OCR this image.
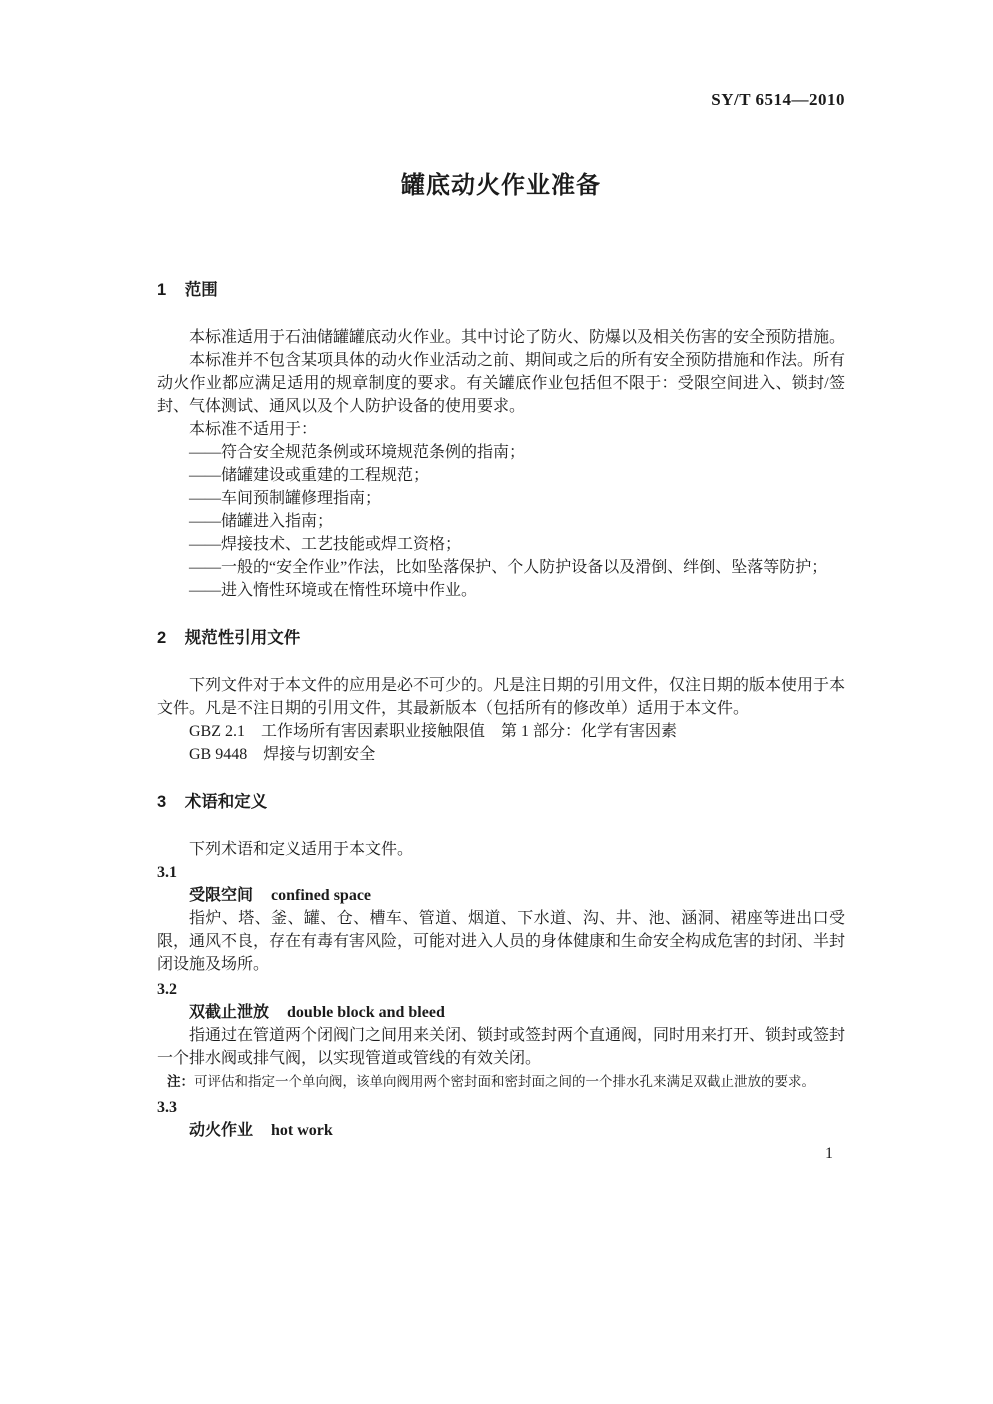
SY/T 6514—2010
罐底动火作业准备
1 范围

本标准适用于石油储罐罐底动火作业。其中讨论了防火、防爆以及相关伤害的安全预防措施。

本标准并不包含某项具体的动火作业活动之前、期间或之后的所有安全预防措施和作法。所有动火作业都应满足适用的规章制度的要求。有关罐底作业包括但不限于：受限空间进入、锁封/签封、气体测试、通风以及个人防护设备的使用要求。

本标准不适用于：

——符合安全规范条例或环境规范条例的指南；

——储罐建设或重建的工程规范；

——车间预制罐修理指南；

——储罐进入指南；

——焊接技术、工艺技能或焊工资格；

——一般的“安全作业”作法，比如坠落保护、个人防护设备以及滑倒、绊倒、坠落等防护；

——进入惰性环境或在惰性环境中作业。

2 规范性引用文件

下列文件对于本文件的应用是必不可少的。凡是注日期的引用文件，仅注日期的版本使用于本文件。凡是不注日期的引用文件，其最新版本（包括所有的修改单）适用于本文件。

GBZ 2.1　工作场所有害因素职业接触限值　第 1 部分：化学有害因素

GB 9448　焊接与切割安全

3 术语和定义

下列术语和定义适用于本文件。

3.1

受限空间 confined space

指炉、塔、釜、罐、仓、槽车、管道、烟道、下水道、沟、井、池、涵洞、裙座等进出口受限，通风不良，存在有毒有害风险，可能对进入人员的身体健康和生命安全构成危害的封闭、半封闭设施及场所。

3.2

双截止泄放 double block and bleed

指通过在管道两个闭阀门之间用来关闭、锁封或签封两个直通阀，同时用来打开、锁封或签封一个排水阀或排气阀，以实现管道或管线的有效关闭。

注：可评估和指定一个单向阀，该单向阀用两个密封面和密封面之间的一个排水孔来满足双截止泄放的要求。

3.3

动火作业 hot work

1
